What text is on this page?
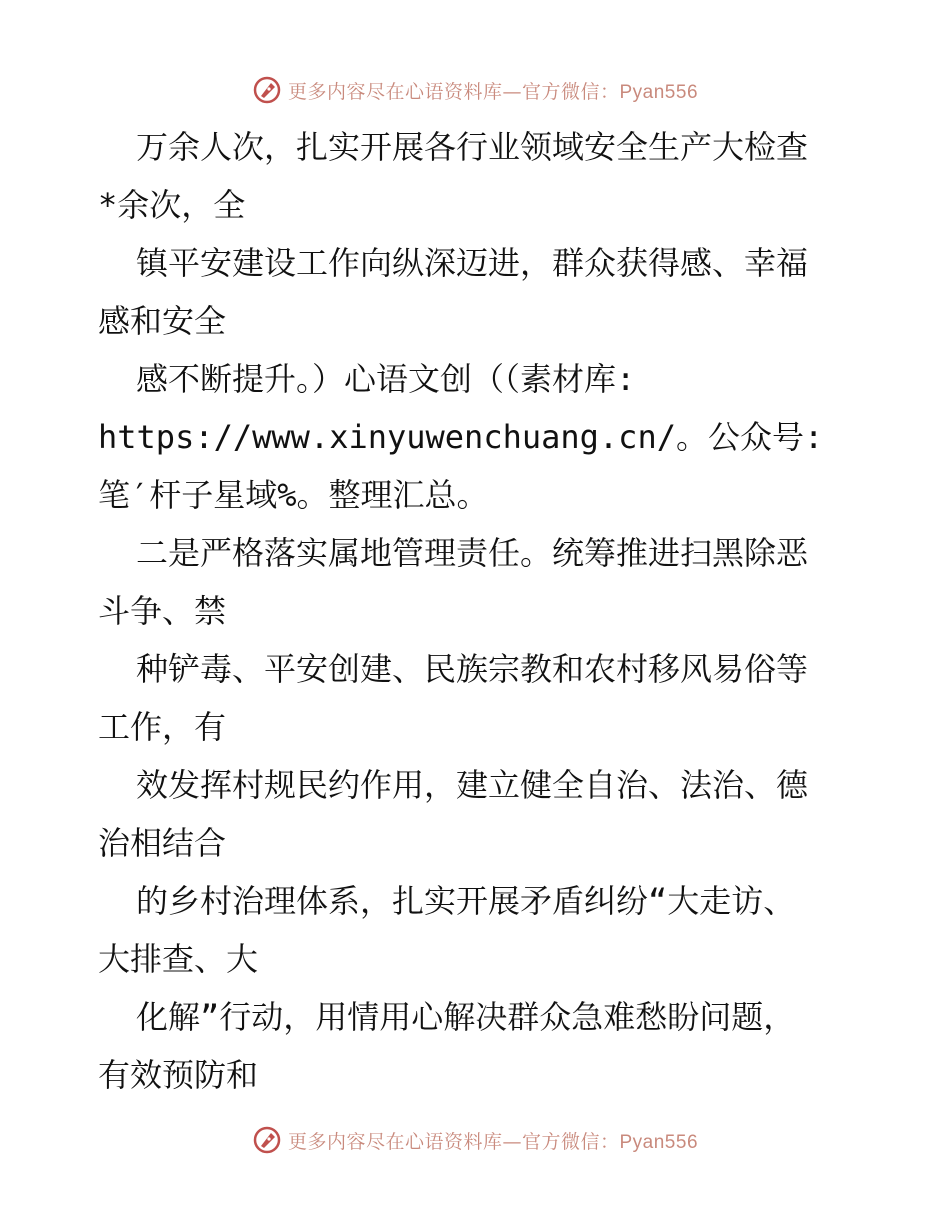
更多内容尽在心语资料库—官方微信：Pyan556
万余人次，扎实开展各行业领域安全生产大检查
*余次，全
镇平安建设工作向纵深迈进，群众获得感、幸福
感和安全
感不断提升。）心语文创（（素材库:
https://www.xinyuwenchuang.cn/。公众号:
笔′杆子星域%。整理汇总。
二是严格落实属地管理责任。统筹推进扫黑除恶
斗争、禁
种铲毒、平安创建、民族宗教和农村移风易俗等
工作，有
效发挥村规民约作用，建立健全自治、法治、德
治相结合
的乡村治理体系，扎实开展矛盾纠纷“大走访、
大排查、大
化解”行动，用情用心解决群众急难愁盼问题，
有效预防和
更多内容尽在心语资料库—官方微信：Pyan556
